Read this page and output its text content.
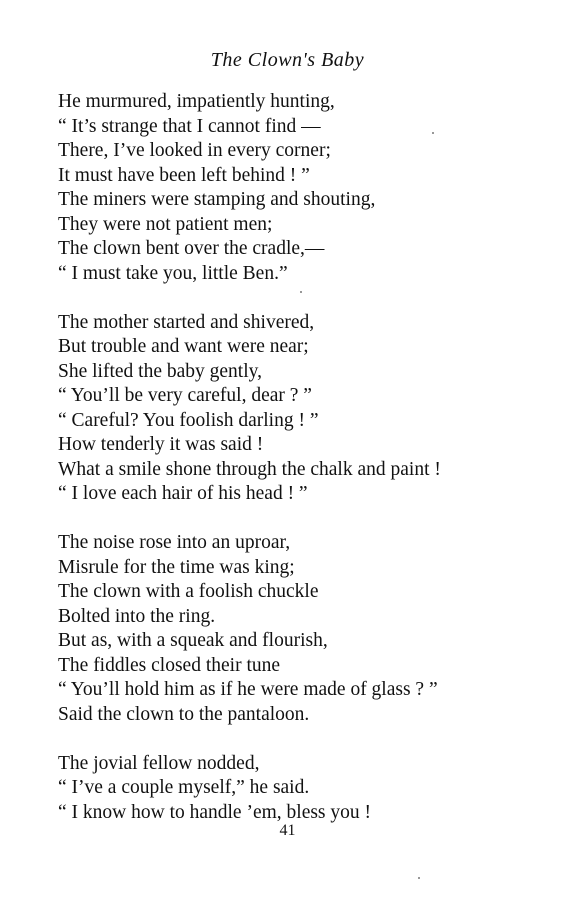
The Clown's Baby
He murmured, impatiently hunting,
“ It’s strange that I cannot find —
There, I’ve looked in every corner;
It must have been left behind ! ”
The miners were stamping and shouting,
They were not patient men;
The clown bent over the cradle,—
“ I must take you, little Ben.”
The mother started and shivered,
But trouble and want were near;
She lifted the baby gently,
“ You’ll be very careful, dear ? ”
“ Careful? You foolish darling ! ”
How tenderly it was said !
What a smile shone through the chalk and paint !
“ I love each hair of his head ! ”
The noise rose into an uproar,
Misrule for the time was king;
The clown with a foolish chuckle
Bolted into the ring.
But as, with a squeak and flourish,
The fiddles closed their tune
“ You’ll hold him as if he were made of glass ? ”
Said the clown to the pantaloon.
The jovial fellow nodded,
“ I’ve a couple myself,” he said.
“ I know how to handle ’em, bless you !
41
